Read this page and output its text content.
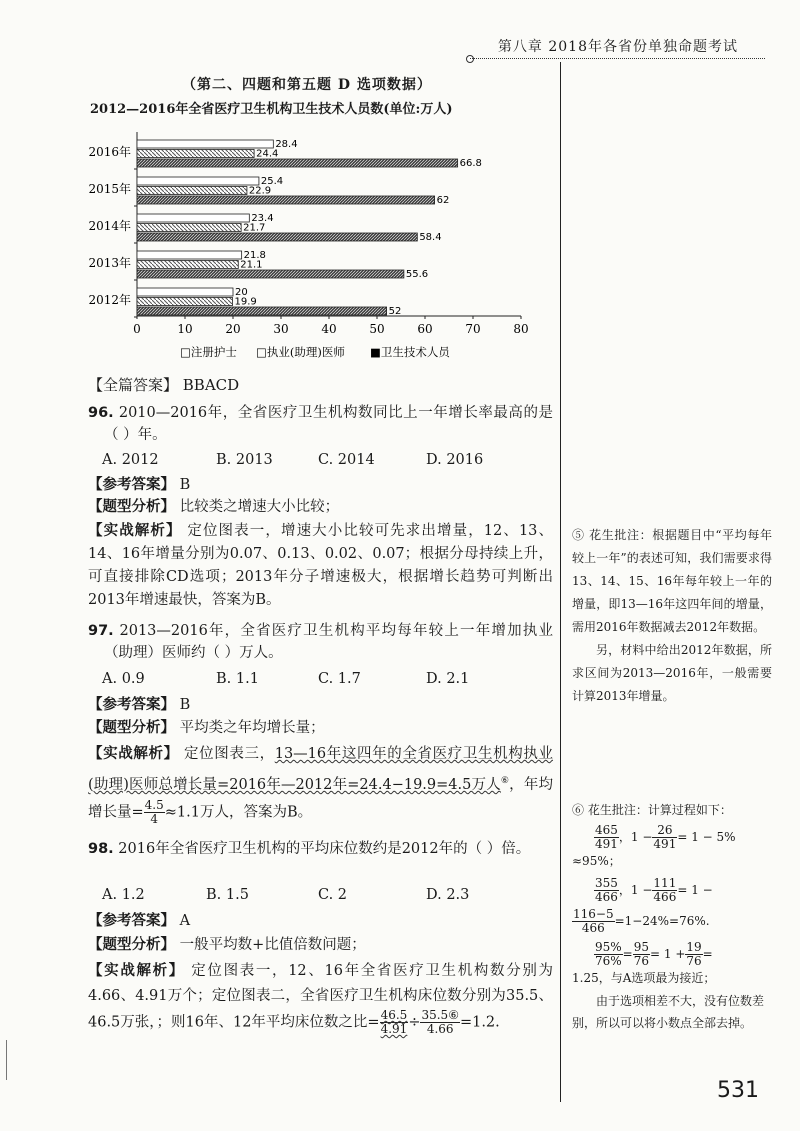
第八章 2018年各省份单独命题考试
（第二、四题和第五题 D 选项数据）
2012—2016年全省医疗卫生机构卫生技术人员数(单位:万人)
0	10	20	30	40	50	60	70	80
2016年
28.4
24.4
66.8
2015年
25.4
22.9
62
2014年
23.4
21.7
58.4
2013年
21.8
21.1
55.6
2012年
20
19.9
52
□注册护士 □执业(助理)医师 ■卫生技术人员
【全篇答案】 BBACD
96. 2010—2016年，全省医疗卫生机构数同比上一年增长率最高的是（ ）年。
A. 2012	B. 2013	C. 2014	D. 2016
【参考答案】 B
【题型分析】 比较类之增速大小比较；
【实战解析】 定位图表一，增速大小比较可先求出增量，12、13、14、16年增量分别为0.07、0.13、0.02、0.07；根据分母持续上升，可直接排除CD选项；2013年分子增速极大，根据增长趋势可判断出2013年增速最快，答案为B。
97. 2013—2016年，全省医疗卫生机构平均每年较上一年增加执业（助理）医师约（ ）万人。
A. 0.9	B. 1.1	C. 1.7	D. 2.1
【参考答案】 B
【题型分析】 平均类之年均增长量；
【实战解析】 定位图表三，13—16年这四年的全省医疗卫生机构执业(助理)医师总增长量=2016年—2012年=24.4−19.9=4.5万人⑥，年均增长量= $\frac{4.5}{4} \approx 1.1$万人，答案为B。
98. 2016年全省医疗卫生机构的平均床位数约是2012年的（ ）倍。
A. 1.2	B. 1.5	C. 2	D. 2.3
【参考答案】 A
【题型分析】 一般平均数+比值倍数问题；
【实战解析】 定位图表一，12、16年全省医疗卫生机构数分别为4.66、4.91万个；定位图表二，全省医疗卫生机构床位数分别为35.5、46.5万张，；则16年、12年平均床位数之比= $\frac{46.5}{4.91} \div \frac{\text{35.5⑥}}{4.66} =1.2$.
⑤ 花生批注：根据题目中“平均每年较上一年”的表述可知，我们需要求得13、14、15、16年每年较上一年的增量，即13—16年这四年间的增量，需用2016年数据减去2012年数据。
另，材料中给出2012年数据，所求区间为2013—2016年，一般需要计算2013年增量。
⑥ 花生批注：计算过程如下：
$\frac{465}{491}$ ，$1 - \frac{26}{491} = 1 - 5\%$
≈95%；
$\frac{355}{466}$ ，$1 - \frac{111}{466} = 1$ −
$\frac{116-5}{466} =1-24\%=76\%$.
$\frac{95\%}{76\%} = \frac{95}{76} = 1 + \frac{19}{76}$ =
1.25，与A选项最为接近；
由于选项相差不大，没有位数差别，所以可以将小数点全部去掉。
531
